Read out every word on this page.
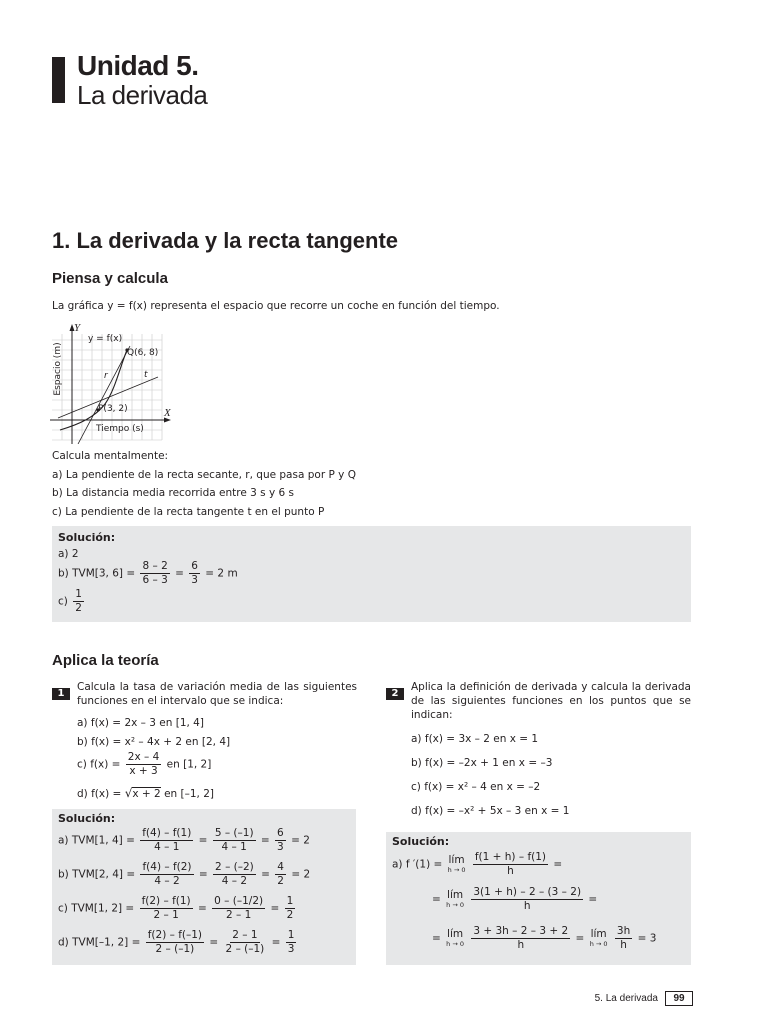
Unidad 5.
La derivada
1. La derivada y la recta tangente
Piensa y calcula
La gráfica y = f(x) representa el espacio que recorre un coche en función del tiempo.
Y
X
y = f(x)
Q(6, 8)
P(3, 2)
r	t
Tiempo (s)
Espacio (m)
Calcula mentalmente:
a) La pendiente de la recta secante, r, que pasa por P y Q
b) La distancia media recorrida entre 3 s y 6 s
c) La pendiente de la recta tangente t en el punto P
Solución:
a) 2
b) TVM[3, $6] = \frac{8 - 2}{6 - 3} = \frac{6}{3} = 2$ m
$c) \frac{1}{2}$
Aplica la teoría
1
Calcula la tasa de variación media de las siguientes funciones en el intervalo que se indica:
a) f(x) = 2x – 3 en [1, 4]
b) f(x) = x² – 4x + 2 en [2, 4]
c) $f(x) = \frac{2x - 4}{x + 3}$ en [1, 2]
d) f(x) = √x + 2 en [–1, 2]
Solución:
a) TVM[1, $4] = \frac{f(4) - f(1)}{4 - 1} = \frac{5 - (-1)}{4 - 1} = \frac{6}{3} = 2$
b) TVM[2, $4] = \frac{f(4) - f(2)}{4 - 2} = \frac{2 - (-2)}{4 - 2} = \frac{4}{2} = 2$
c) TVM[1, $2] = \frac{f(2) - f(1)}{2 - 1} = \frac{0 - (-1/2)}{2 - 1} = \frac{1}{2}$
d) TVM[–1, $2] = \frac{f(2) - f(-1)}{2 - (-1)} = \frac{2 - 1}{2 - (-1)} = \frac{1}{3}$
2
Aplica la definición de derivada y calcula la derivada de las siguientes funciones en los puntos que se indican:
a) f(x) = 3x – 2 en x = 1
b) f(x) = –2x + 1 en x = –3
c) f(x) = x² – 4 en x = –2
d) f(x) = –x² + 5x – 3 en x = 1
Solución:
a) f ′(1) = lím
h → 0
$\frac{f(1 + h) - f(1)}{h}$ =
= lím
h → 0
$\frac{3(1 + h) - 2 - (3 - 2)}{h}$ =
= lím
h → 0
$\frac{3 + 3h - 2 - 3 + 2}{h}$ = lím
h → 0
$\frac{3h}{h} = 3$
5. La derivada	99
